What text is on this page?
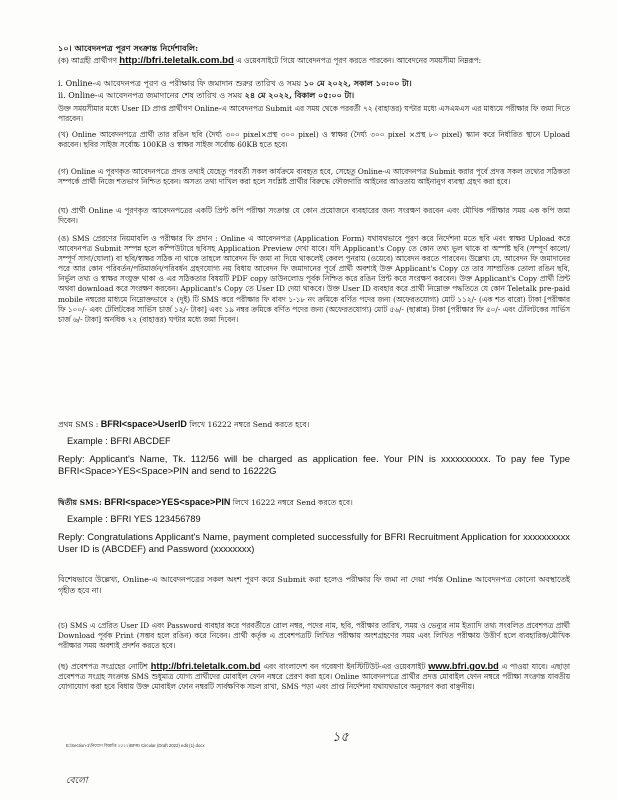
১০। আবেদনপত্র পূরণ সংক্রান্ত নির্দেশাবলি:
(ক) আগ্রহী প্রার্থীগণ http://bfri.teletalk.com.bd এ ওয়েবসাইটে গিয়ে আবেদনপত্র পূরণ করতে পারবেন। আবেদনের সময়সীমা নিম্নরূপ:
i. Online-এ আবেদনপত্র পূরণ ও পরীক্ষার ফি জমাদান শুরুর তারিখ ও সময় ১০ মে ২০২২, সকাল ১০:০০ টা।
ii. Online-এ আবেদনপত্র জমাদানের শেষ তারিখ ও সময় ২৪ মে ২০২২, বিকাল ০৫:০০ টা।
উক্ত সময়সীমার মধ্যে User ID প্রাপ্ত প্রার্থীগণ Online-এ আবেদনপত্র Submit এর সময় থেকে পরবর্তী ৭২ (বাহাত্তর) ঘণ্টার মধ্যে এসএমএস এর মাধ্যমে পরীক্ষার ফি জমা দিতে পারবেন।
(খ) Online আবেদনপত্রে প্রার্থী তার রঙিন ছবি (দৈর্ঘ্য ৩০০ pixel×প্রস্থ ৩০০ pixel) ও স্বাক্ষর (দৈর্ঘ্য ৩০০ pixel ×প্রস্থ ৮০ pixel) স্ক্যান করে নির্ধারিত স্থানে Upload করবেন। ছবির সাইজ সর্বোচ্চ 100KB ও স্বাক্ষর সাইজ সর্বোচ্চ 60KB হতে হবে।
(গ) Online এ পূরণকৃত আবেদনপত্রে প্রদত্ত তথ্যই যেহেতু পরবর্তী সকল কার্যক্রমে ব্যবহৃত হবে, সেহেতু Online-এ আবেদনপত্র Submit করার পূর্বে প্রদত্ত সকল তথ্যের সঠিকতা সম্পর্কে প্রার্থী নিজে শতভাগ নিশ্চিত হবেন। অসত্য তথ্য দাখিল করা হলে সংশ্লিষ্ট প্রার্থীর বিরুদ্ধে ফৌজদারি আইনের আওতায় আইনানুগ ব্যবস্থা গ্রহণ করা হবে।
(ঘ) প্রার্থী Online এ পূরণকৃত আবেদনপত্রের একটি প্রিন্ট কপি পরীক্ষা সংক্রান্ত যে কোন প্রয়োজনে ব্যবহারের জন্য সংরক্ষণ করবেন এবং মৌখিক পরীক্ষার সময় এক কপি জমা দিবেন।
(ঙ) SMS প্রেরণের নিয়মাবলি ও পরীক্ষার ফি প্রদান : Online এ আবেদনপত্র (Application Form) যথাযথভাবে পূরণ করে নির্দেশনা মতে ছবি এবং স্বাক্ষর Upload করে আবেদনপত্র Submit সম্পন্ন হলে কম্পিউটারে ছবিসহ Application Preview দেখা যাবে। যদি Applicant's Copy তে কোন তথ্য ভুল থাকে বা অস্পষ্ট ছবি (সম্পূর্ণ কালো/সম্পূর্ণ সাদা/ঘোলা) বা ছবি/স্বাক্ষর সঠিক না থাকে তাহলে আবেদন ফি জমা না দিয়ে থাকলেই কেবল পুনরায় (ওয়েবে) আবেদন করতে পারবেন। উল্লেখ্য যে, আবেদন ফি জমাদানের পরে আর কোন পরিবর্তন/পরিমার্জন/পরিবর্ধন গ্রহণযোগ্য নয় বিধায় আবেদন ফি জমাদানের পূর্বে প্রার্থী অবশ্যই উক্ত Applicant's Copy তে তার সাম্প্রতিক তোলা রঙিন ছবি, নির্ভুল তথ্য ও স্বাক্ষর সংযুক্ত থাকা ও এর সঠিকতার বিষয়টি PDF copy ডাউনলোড পূর্বক নিশ্চিত করে রঙিন প্রিন্ট করে সংরক্ষণ করবেন। উক্ত Applicant's Copy প্রার্থী প্রিন্ট অথবা download করে সংরক্ষণ করবেন। Applicant's Copy তে User ID দেয়া থাকবে। উক্ত User ID ব্যবহার করে প্রার্থী নিম্নোক্ত পদ্ধতিতে যে কোন Teletalk pre-paid mobile নম্বরের মাধ্যমে নিম্নোক্তভাবে ২ (দুই) টি SMS করে পরীক্ষার ফি বাবদ ১-১৮ নং ক্রমিকে বর্ণিত পদের জন্য (অফেরতযোগ্য) মোট ১১২/- (এক শত বারো) টাকা [পরীক্ষার ফি ১০০/- এবং টেলিটকের সার্ভিস চার্জ ১২/- টাকা] এবং ১৯ নম্বর ক্রমিকে বর্ণিত পদের জন্য (অফেরতযোগ্য) মোট ৫৬/- (ছাপ্পান্ন) টাকা [পরীক্ষার ফি ৫০/- এবং টেলিটকের সার্ভিস চার্জ ৬/- টাকা] অনধিক ৭২ (বাহাত্তর) ঘণ্টার মধ্যে জমা দিবেন।
প্রথম SMS : BFRI<space>UserID লিখে 16222 নম্বরে Send করতে হবে।
Example : BFRI ABCDEF
Reply: Applicant's Name, Tk. 112/56 will be charged as application fee. Your PIN is xxxxxxxxxx. To pay fee Type BFRI<Space>YES<Space>PIN and send to 16222G
দ্বিতীয় SMS: BFRI<space>YES<space>PIN লিখে 16222 নম্বরে Send করতে হবে।
Example : BFRI YES 123456789
Reply: Congratulations Applicant's Name, payment completed successfully for BFRI Recruitment Application for xxxxxxxxxx User ID is (ABCDEF) and Password (xxxxxxxx)
বিশেষভাবে উল্লেখ্য, Online-এ আবেদনপত্রের সকল অংশ পূরণ করে Submit করা হলেও পরীক্ষার ফি জমা না দেয়া পর্যন্ত Online আবেদনপত্র কোনো অবস্থাতেই গৃহীত হবে না।
(চ) SMS এ প্রেরিত User ID এবং Password ব্যবহার করে পরবর্তীতে রোল নম্বর, পদের নাম, ছবি, পরীক্ষার তারিখ, সময় ও ভেন্যুর নাম ইত্যাদি তথ্য সংবলিত প্রবেশপত্র প্রার্থী Download পূর্বক Print (সম্ভব হলে রঙিন) করে নিবেন। প্রার্থী কর্তৃক এ প্রবেশপত্রটি লিখিত পরীক্ষায় অংশগ্রহণের সময় এবং লিখিত পরীক্ষায় উত্তীর্ণ হলে ব্যবহারিক/মৌখিক পরীক্ষার সময় অবশ্যই প্রদর্শন করতে হবে।
(ছ) প্রবেশপত্র সংগ্রহের নোটিশ http://bfri.teletalk.com.bd এবং বাংলাদেশ বন গবেষণা ইনস্টিটিউট-এর ওয়েবসাইট www.bfri.gov.bd এ পাওয়া যাবে। এছাড়া প্রবেশপত্র সংগ্রহ সংক্রান্ত SMS শুধুমাত্র যোগ্য প্রার্থীদের মোবাইল ফোন নম্বরে প্রেরণ করা হবে। Online আবেদনপত্রে প্রার্থীর প্রদত্ত মোবাইল ফোন নম্বরে পরীক্ষা সংক্রান্ত যাবতীয় যোগাযোগ করা হবে বিধায় উক্ত মোবাইল ফোন নম্বরটি সার্বক্ষণিক সচল রাখা, SMS পড়া এবং প্রাপ্ত নির্দেশনা যথাযথভাবে অনুসরণ করা বাঞ্ছনীয়।
১৫
E:\Section-1\নিয়োগ বিজ্ঞপ্তি ২০২২\BFRI Circular (Draft 2022) edit (1).docx
বেলো
